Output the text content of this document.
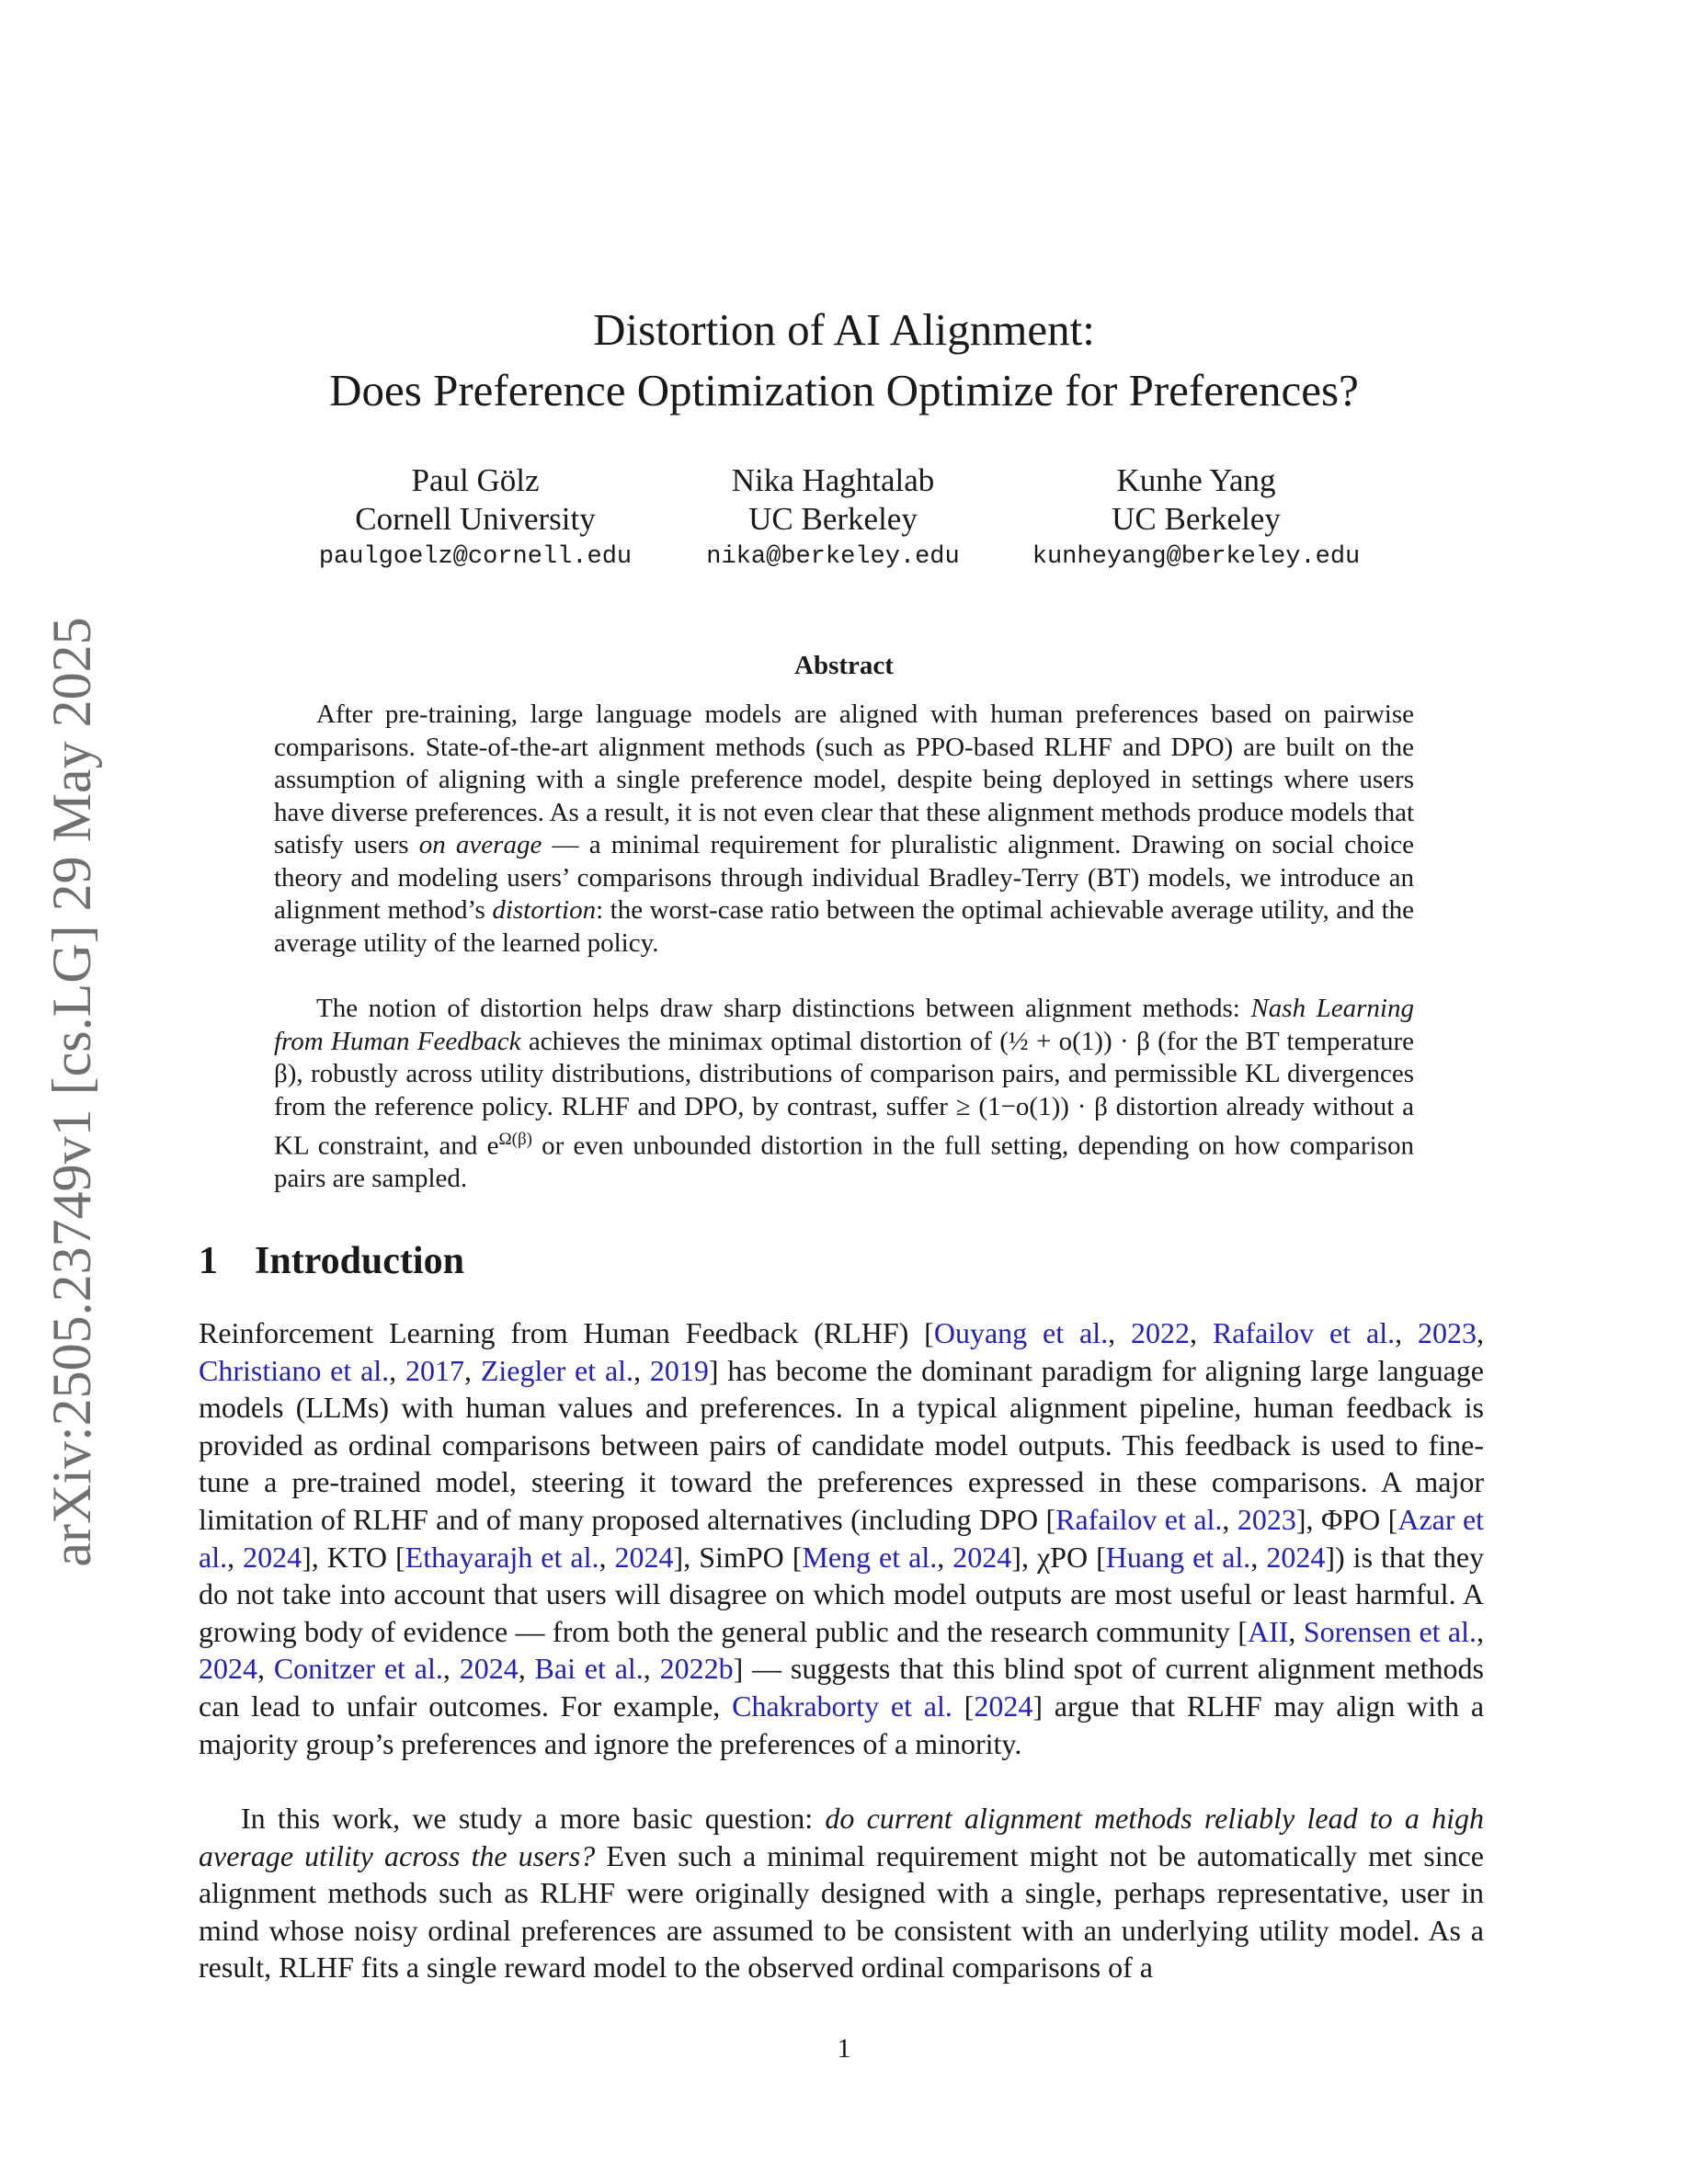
arXiv:2505.23749v1 [cs.LG] 29 May 2025
Distortion of AI Alignment:
Does Preference Optimization Optimize for Preferences?
Paul Gölz
Cornell University
paulgoelz@cornell.edu
Nika Haghtalab
UC Berkeley
nika@berkeley.edu
Kunhe Yang
UC Berkeley
kunheyang@berkeley.edu
Abstract
After pre-training, large language models are aligned with human preferences based on pairwise comparisons. State-of-the-art alignment methods (such as PPO-based RLHF and DPO) are built on the assumption of aligning with a single preference model, despite being deployed in settings where users have diverse preferences. As a result, it is not even clear that these alignment methods produce models that satisfy users on average — a minimal requirement for pluralistic alignment. Drawing on social choice theory and modeling users’ comparisons through individual Bradley-Terry (BT) models, we introduce an alignment method’s distortion: the worst-case ratio between the optimal achievable average utility, and the average utility of the learned policy.
The notion of distortion helps draw sharp distinctions between alignment methods: Nash Learning from Human Feedback achieves the minimax optimal distortion of (½ + o(1)) · β (for the BT temperature β), robustly across utility distributions, distributions of comparison pairs, and permissible KL divergences from the reference policy. RLHF and DPO, by contrast, suffer ≥ (1−o(1)) · β distortion already without a KL constraint, and $e^{\Omega(\beta)}$ or even unbounded distortion in the full setting, depending on how comparison pairs are sampled.
1 Introduction
Reinforcement Learning from Human Feedback (RLHF) [Ouyang et al., 2022, Rafailov et al., 2023, Christiano et al., 2017, Ziegler et al., 2019] has become the dominant paradigm for aligning large language models (LLMs) with human values and preferences. In a typical alignment pipeline, human feedback is provided as ordinal comparisons between pairs of candidate model outputs. This feedback is used to fine-tune a pre-trained model, steering it toward the preferences expressed in these comparisons. A major limitation of RLHF and of many proposed alternatives (including DPO [Rafailov et al., 2023], ΦPO [Azar et al., 2024], KTO [Ethayarajh et al., 2024], SimPO [Meng et al., 2024], χPO [Huang et al., 2024]) is that they do not take into account that users will disagree on which model outputs are most useful or least harmful. A growing body of evidence — from both the general public and the research community [AII, Sorensen et al., 2024, Conitzer et al., 2024, Bai et al., 2022b] — suggests that this blind spot of current alignment methods can lead to unfair outcomes. For example, Chakraborty et al. [2024] argue that RLHF may align with a majority group’s preferences and ignore the preferences of a minority.
In this work, we study a more basic question: do current alignment methods reliably lead to a high average utility across the users? Even such a minimal requirement might not be automatically met since alignment methods such as RLHF were originally designed with a single, perhaps representative, user in mind whose noisy ordinal preferences are assumed to be consistent with an underlying utility model. As a result, RLHF fits a single reward model to the observed ordinal comparisons of a
1
